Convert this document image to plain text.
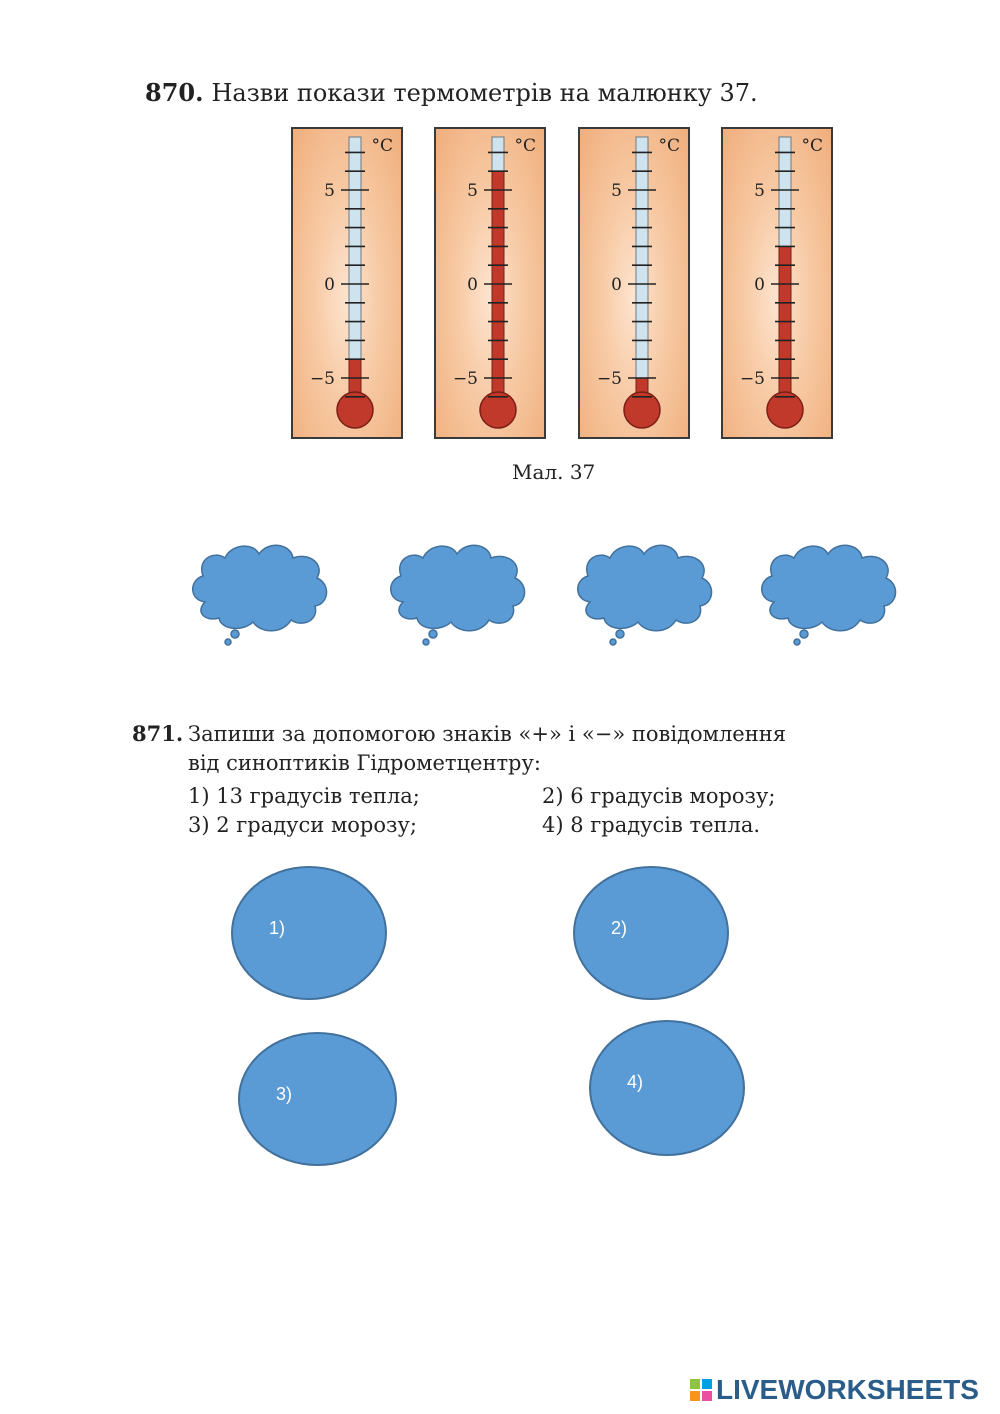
870. Назви покази термометрів на малюнку 37.
5
0
−5
°C
5
0
−5
°C
5
0
−5
°C
5
0
−5
°C
Мал. 37
871. Запиши за допомогою знаків «+» і «−» повідомлення
від синоптиків Гідрометцентру:
1) 13 градусів тепла;	2) 6 градусів морозу;
3) 2 градуси морозу;	4) 8 градусів тепла.
1)	2)
3)
4)
LIVEWORKSHEETS
